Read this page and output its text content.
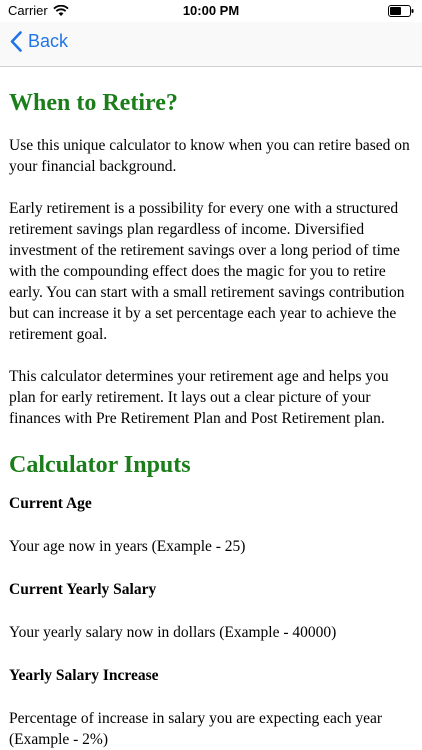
Carrier	10:00 PM
Back
When to Retire?

Use this unique calculator to know when you can retire based on your financial background.

Early retirement is a possibility for every one with a structured retirement savings plan regardless of income. Diversified investment of the retirement savings over a long period of time with the compounding effect does the magic for you to retire early. You can start with a small retirement savings contribution but can increase it by a set percentage each year to achieve the retirement goal.

This calculator determines your retirement age and helps you plan for early retirement. It lays out a clear picture of your finances with Pre Retirement Plan and Post Retirement plan.

Calculator Inputs
Current Age

Your age now in years (Example - 25)

Current Yearly Salary

Your yearly salary now in dollars (Example - 40000)

Yearly Salary Increase

Percentage of increase in salary you are expecting each year (Example - 2%)
